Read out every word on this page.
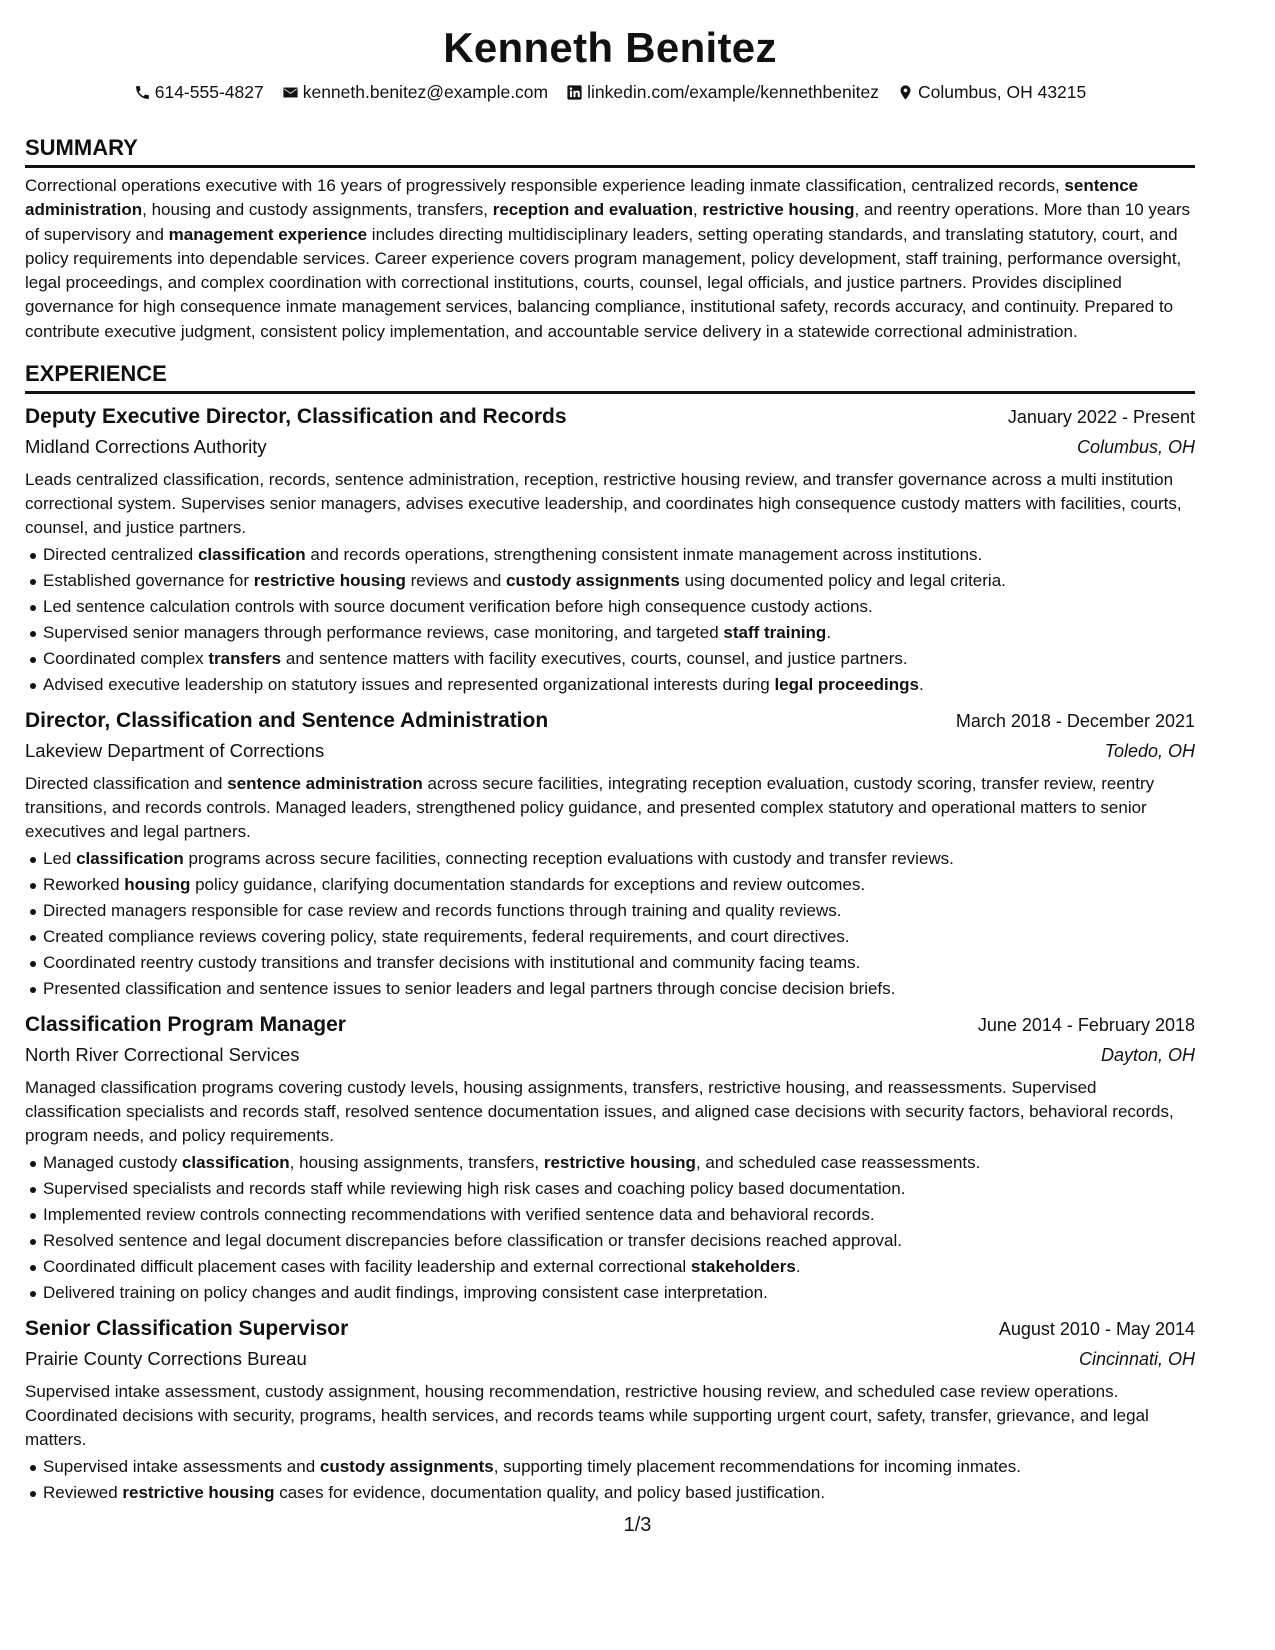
Kenneth Benitez
614-555-4827 kenneth.benitez@example.com linkedin.com/example/kennethbenitez Columbus, OH 43215
SUMMARY

Correctional operations executive with 16 years of progressively responsible experience leading inmate classification, centralized records, sentence administration, housing and custody assignments, transfers, reception and evaluation, restrictive housing, and reentry operations. More than 10 years of supervisory and management experience includes directing multidisciplinary leaders, setting operating standards, and translating statutory, court, and policy requirements into dependable services. Career experience covers program management, policy development, staff training, performance oversight, legal proceedings, and complex coordination with correctional institutions, courts, counsel, legal officials, and justice partners. Provides disciplined governance for high consequence inmate management services, balancing compliance, institutional safety, records accuracy, and continuity. Prepared to contribute executive judgment, consistent policy implementation, and accountable service delivery in a statewide correctional administration.

EXPERIENCE
Deputy Executive Director, Classification and Records	January 2022 - Present
Midland Corrections Authority	Columbus, OH

Leads centralized classification, records, sentence administration, reception, restrictive housing review, and transfer governance across a multi institution correctional system. Supervises senior managers, advises executive leadership, and coordinates high consequence custody matters with facilities, courts, counsel, and justice partners.

Directed centralized classification and records operations, strengthening consistent inmate management across institutions.
Established governance for restrictive housing reviews and custody assignments using documented policy and legal criteria.
Led sentence calculation controls with source document verification before high consequence custody actions.
Supervised senior managers through performance reviews, case monitoring, and targeted staff training.
Coordinated complex transfers and sentence matters with facility executives, courts, counsel, and justice partners.
Advised executive leadership on statutory issues and represented organizational interests during legal proceedings.
Director, Classification and Sentence Administration	March 2018 - December 2021
Lakeview Department of Corrections	Toledo, OH

Directed classification and sentence administration across secure facilities, integrating reception evaluation, custody scoring, transfer review, reentry transitions, and records controls. Managed leaders, strengthened policy guidance, and presented complex statutory and operational matters to senior executives and legal partners.

Led classification programs across secure facilities, connecting reception evaluations with custody and transfer reviews.
Reworked housing policy guidance, clarifying documentation standards for exceptions and review outcomes.
Directed managers responsible for case review and records functions through training and quality reviews.
Created compliance reviews covering policy, state requirements, federal requirements, and court directives.
Coordinated reentry custody transitions and transfer decisions with institutional and community facing teams.
Presented classification and sentence issues to senior leaders and legal partners through concise decision briefs.
Classification Program Manager	June 2014 - February 2018
North River Correctional Services	Dayton, OH

Managed classification programs covering custody levels, housing assignments, transfers, restrictive housing, and reassessments. Supervised classification specialists and records staff, resolved sentence documentation issues, and aligned case decisions with security factors, behavioral records, program needs, and policy requirements.

Managed custody classification, housing assignments, transfers, restrictive housing, and scheduled case reassessments.
Supervised specialists and records staff while reviewing high risk cases and coaching policy based documentation.
Implemented review controls connecting recommendations with verified sentence data and behavioral records.
Resolved sentence and legal document discrepancies before classification or transfer decisions reached approval.
Coordinated difficult placement cases with facility leadership and external correctional stakeholders.
Delivered training on policy changes and audit findings, improving consistent case interpretation.
Senior Classification Supervisor	August 2010 - May 2014
Prairie County Corrections Bureau	Cincinnati, OH

Supervised intake assessment, custody assignment, housing recommendation, restrictive housing review, and scheduled case review operations. Coordinated decisions with security, programs, health services, and records teams while supporting urgent court, safety, transfer, grievance, and legal matters.

Supervised intake assessments and custody assignments, supporting timely placement recommendations for incoming inmates.
Reviewed restrictive housing cases for evidence, documentation quality, and policy based justification.
1/3
